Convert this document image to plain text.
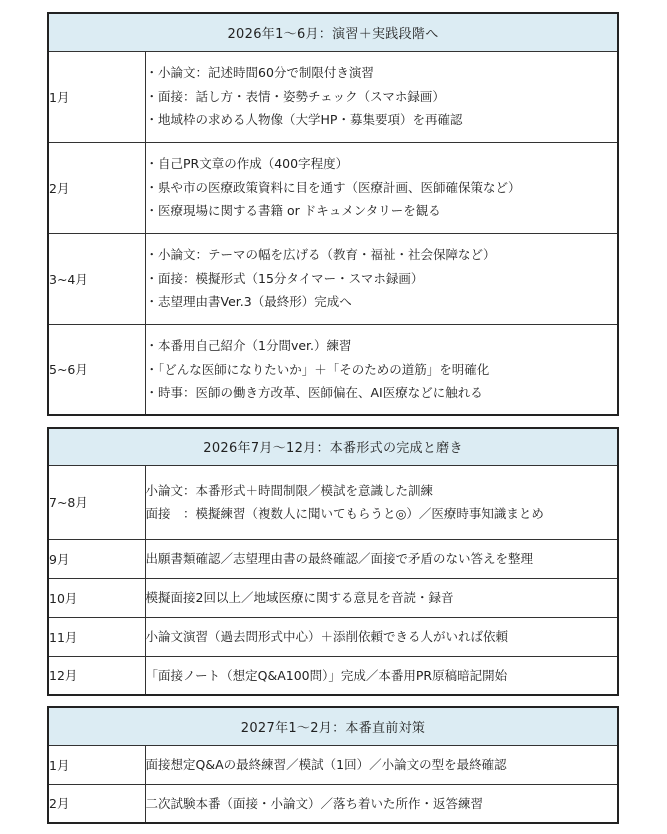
2026年1〜6月：演習＋実践段階へ	
1月	・小論文：記述時間60分で制限付き演習
・面接：話し方・表情・姿勢チェック（スマホ録画）
・地域枠の求める人物像（大学HP・募集要項）を再確認

2月	・自己PR文章の作成（400字程度）
・県や市の医療政策資料に目を通す（医療計画、医師確保策など）
・医療現場に関する書籍 or ドキュメンタリーを観る

3~4月	・小論文：テーマの幅を広げる（教育・福祉・社会保障など）
・面接：模擬形式（15分タイマー・スマホ録画）
・志望理由書Ver.3（最終形）完成へ

5~6月	・本番用自己紹介（1分間ver.）練習
・「どんな医師になりたいか」＋「そのための道筋」を明確化
・時事：医師の働き方改革、医師偏在、AI医療などに触れる
2026年7月〜12月：本番形式の完成と磨き	
7~8月	小論文：本番形式＋時間制限／模試を意識した訓練
面接　：模擬練習（複数人に聞いてもらうと◎）／医療時事知識まとめ

9月	出願書類確認／志望理由書の最終確認／面接で矛盾のない答えを整理

10月	模擬面接2回以上／地域医療に関する意見を音読・録音

11月	小論文演習（過去問形式中心）＋添削依頼できる人がいれば依頼

12月	「面接ノート（想定Q&A100問）」完成／本番用PR原稿暗記開始
2027年1〜2月：本番直前対策	
1月	面接想定Q&Aの最終練習／模試（1回）／小論文の型を最終確認

2月	二次試験本番（面接・小論文）／落ち着いた所作・返答練習
